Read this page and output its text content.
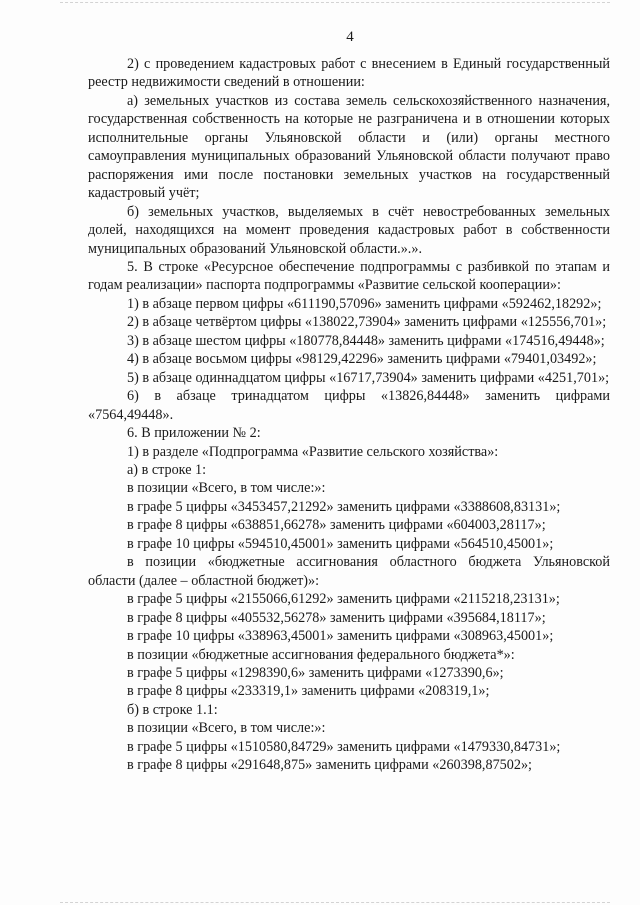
4

2) с проведением кадастровых работ с внесением в Единый государственный реестр недвижимости сведений в отношении:

а) земельных участков из состава земель сельскохозяйственного назначения, государственная собственность на которые не разграничена и в отношении которых исполнительные органы Ульяновской области и (или) органы местного самоуправления муниципальных образований Ульяновской области получают право распоряжения ими после постановки земельных участков на государственный кадастровый учёт;

б) земельных участков, выделяемых в счёт невостребованных земельных долей, находящихся на момент проведения кадастровых работ в собственности муниципальных образований Ульяновской области.».».

5. В строке «Ресурсное обеспечение подпрограммы с разбивкой по этапам и годам реализации» паспорта подпрограммы «Развитие сельской кооперации»:

1) в абзаце первом цифры «611190,57096» заменить цифрами «592462,18292»;

2) в абзаце четвёртом цифры «138022,73904» заменить цифрами «125556,701»;

3) в абзаце шестом цифры «180778,84448» заменить цифрами «174516,49448»;

4) в абзаце восьмом цифры «98129,42296» заменить цифрами «79401,03492»;

5) в абзаце одиннадцатом цифры «16717,73904» заменить цифрами «4251,701»;

6) в абзаце тринадцатом цифры «13826,84448» заменить цифрами «7564,49448».

6. В приложении № 2:

1) в разделе «Подпрограмма «Развитие сельского хозяйства»:

а) в строке 1:

в позиции «Всего, в том числе:»:

в графе 5 цифры «3453457,21292» заменить цифрами «3388608,83131»;

в графе 8 цифры «638851,66278» заменить цифрами «604003,28117»;

в графе 10 цифры «594510,45001» заменить цифрами «564510,45001»;

в позиции «бюджетные ассигнования областного бюджета Ульяновской области (далее – областной бюджет)»:

в графе 5 цифры «2155066,61292» заменить цифрами «2115218,23131»;

в графе 8 цифры «405532,56278» заменить цифрами «395684,18117»;

в графе 10 цифры «338963,45001» заменить цифрами «308963,45001»;

в позиции «бюджетные ассигнования федерального бюджета*»:

в графе 5 цифры «1298390,6» заменить цифрами «1273390,6»;

в графе 8 цифры «233319,1» заменить цифрами «208319,1»;

б) в строке 1.1:

в позиции «Всего, в том числе:»:

в графе 5 цифры «1510580,84729» заменить цифрами «1479330,84731»;

в графе 8 цифры «291648,875» заменить цифрами «260398,87502»;
